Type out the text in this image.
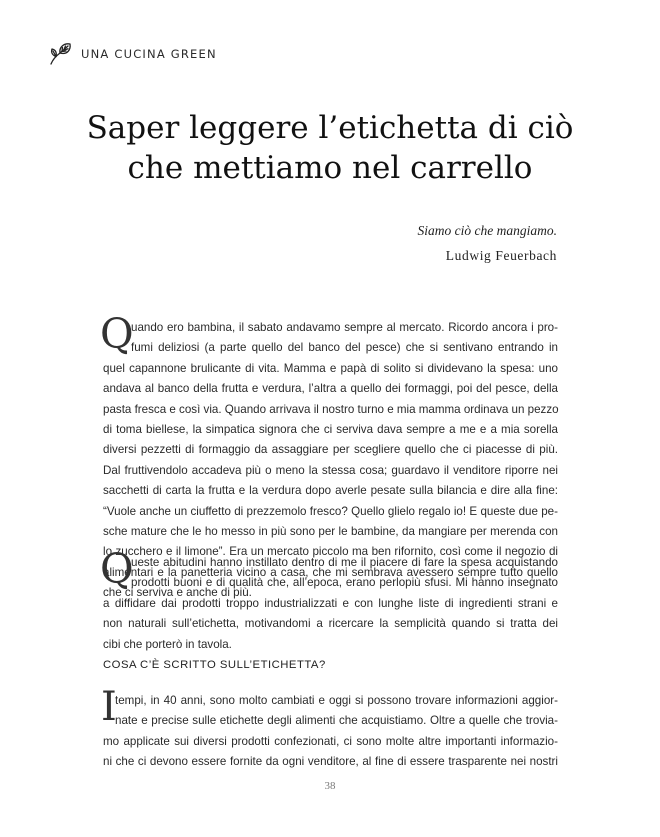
UNA CUCINA GREEN
Saper leggere l’etichetta di ciò
che mettiamo nel carrello
Siamo ciò che mangiamo.
Ludwig Feuerbach
Q
uando ero bambina, il sabato andavamo sempre al mercato. Ricordo ancora i pro-
fumi deliziosi (a parte quello del banco del pesce) che si sentivano entrando in
quel capannone brulicante di vita. Mamma e papà di solito si dividevano la spesa: uno
andava al banco della frutta e verdura, l’altra a quello dei formaggi, poi del pesce, della
pasta fresca e così via. Quando arrivava il nostro turno e mia mamma ordinava un pezzo
di toma biellese, la simpatica signora che ci serviva dava sempre a me e a mia sorella
diversi pezzetti di formaggio da assaggiare per scegliere quello che ci piacesse di più.
Dal fruttivendolo accadeva più o meno la stessa cosa; guardavo il venditore riporre nei
sacchetti di carta la frutta e la verdura dopo averle pesate sulla bilancia e dire alla fine:
“Vuole anche un ciuffetto di prezzemolo fresco? Quello glielo regalo io! E queste due pe-
sche mature che le ho messo in più sono per le bambine, da mangiare per merenda con
lo zucchero e il limone”. Era un mercato piccolo ma ben rifornito, così come il negozio di
alimentari e la panetteria vicino a casa, che mi sembrava avessero sempre tutto quello
che ci serviva e anche di più.
Q
ueste abitudini hanno instillato dentro di me il piacere di fare la spesa acquistando
prodotti buoni e di qualità che, all’epoca, erano perlopiù sfusi. Mi hanno insegnato
a diffidare dai prodotti troppo industrializzati e con lunghe liste di ingredienti strani e
non naturali sull’etichetta, motivandomi a ricercare la semplicità quando si tratta dei
cibi che porterò in tavola.
COSA C’È SCRITTO SULL’ETICHETTA?
I
tempi, in 40 anni, sono molto cambiati e oggi si possono trovare informazioni aggior-
nate e precise sulle etichette degli alimenti che acquistiamo. Oltre a quelle che trovia-
mo applicate sui diversi prodotti confezionati, ci sono molte altre importanti informazio-
ni che ci devono essere fornite da ogni venditore, al fine di essere trasparente nei nostri
38
